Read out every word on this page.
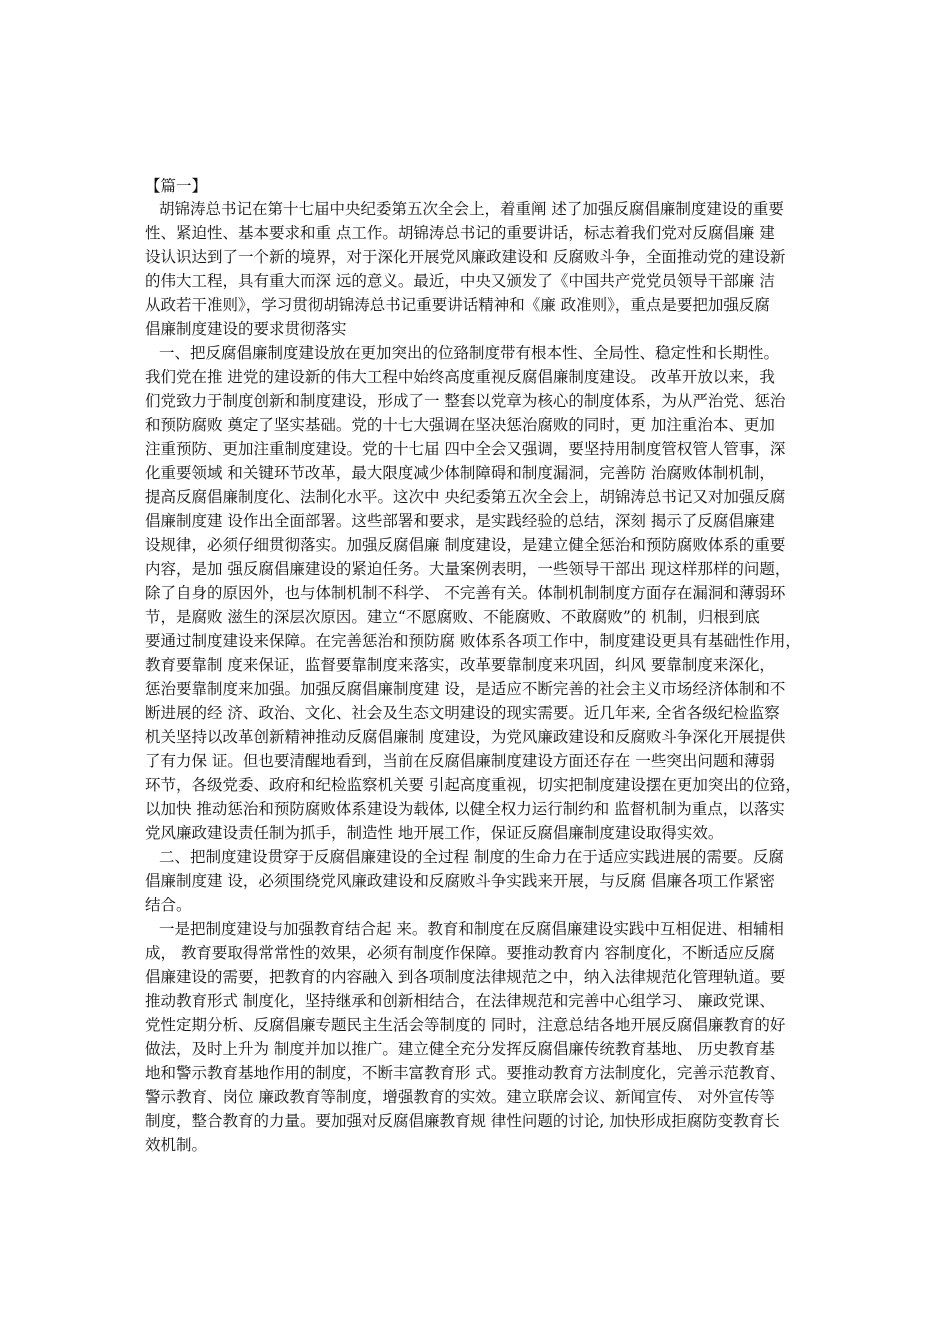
【篇一】
胡锦涛总书记在第十七届中央纪委第五次全会上，着重阐 述了加强反腐倡廉制度建设的重要
性、紧迫性、基本要求和重 点工作。胡锦涛总书记的重要讲话，标志着我们党对反腐倡廉 建
设认识达到了一个新的境界，对于深化开展党风廉政建设和 反腐败斗争，全面推动党的建设新
的伟大工程，具有重大而深 远的意义。最近，中央又颁发了《中国共产党党员领导干部廉 洁
从政若干准则》，学习贯彻胡锦涛总书记重要讲话精神和《廉 政准则》，重点是要把加强反腐
倡廉制度建设的要求贯彻落实
一、把反腐倡廉制度建设放在更加突出的位臵制度带有根本性、全局性、稳定性和长期性。
我们党在推 进党的建设新的伟大工程中始终高度重视反腐倡廉制度建设。 改革开放以来，我
们党致力于制度创新和制度建设，形成了一 整套以党章为核心的制度体系，为从严治党、惩治
和预防腐败 奠定了坚实基础。党的十七大强调在坚决惩治腐败的同时，更 加注重治本、更加
注重预防、更加注重制度建设。党的十七届 四中全会又强调，要坚持用制度管权管人管事，深
化重要领域 和关键环节改革，最大限度减少体制障碍和制度漏洞，完善防 治腐败体制机制，
提高反腐倡廉制度化、法制化水平。这次中 央纪委第五次全会上，胡锦涛总书记又对加强反腐
倡廉制度建 设作出全面部署。这些部署和要求，是实践经验的总结，深刻 揭示了反腐倡廉建
设规律，必须仔细贯彻落实。加强反腐倡廉 制度建设，是建立健全惩治和预防腐败体系的重要
内容，是加 强反腐倡廉建设的紧迫任务。大量案例表明，一些领导干部出 现这样那样的问题，
除了自身的原因外，也与体制机制不科学、 不完善有关。体制机制制度方面存在漏洞和薄弱环
节，是腐败 滋生的深层次原因。建立“不愿腐败、不能腐败、不敢腐败”的 机制，归根到底
要通过制度建设来保障。在完善惩治和预防腐 败体系各项工作中，制度建设更具有基础性作用，
教育要靠制 度来保证，监督要靠制度来落实，改革要靠制度来巩固，纠风 要靠制度来深化，
惩治要靠制度来加强。加强反腐倡廉制度建 设，是适应不断完善的社会主义市场经济体制和不
断进展的经 济、政治、文化、社会及生态文明建设的现实需要。近几年来, 全省各级纪检监察
机关坚持以改革创新精神推动反腐倡廉制 度建设，为党风廉政建设和反腐败斗争深化开展提供
了有力保 证。但也要清醒地看到，当前在反腐倡廉制度建设方面还存在 一些突出问题和薄弱
环节，各级党委、政府和纪检监察机关要 引起高度重视，切实把制度建设摆在更加突出的位臵，
以加快 推动惩治和预防腐败体系建设为载体, 以健全权力运行制约和 监督机制为重点，以落实
党风廉政建设责任制为抓手，制造性 地开展工作，保证反腐倡廉制度建设取得实效。
二、把制度建设贯穿于反腐倡廉建设的全过程 制度的生命力在于适应实践进展的需要。反腐
倡廉制度建 设，必须围绕党风廉政建设和反腐败斗争实践来开展，与反腐 倡廉各项工作紧密
结合。
一是把制度建设与加强教育结合起 来。教育和制度在反腐倡廉建设实践中互相促进、相辅相
成， 教育要取得常常性的效果，必须有制度作保障。要推动教育内 容制度化，不断适应反腐
倡廉建设的需要，把教育的内容融入 到各项制度法律规范之中，纳入法律规范化管理轨道。要
推动教育形式 制度化，坚持继承和创新相结合，在法律规范和完善中心组学习、 廉政党课、
党性定期分析、反腐倡廉专题民主生活会等制度的 同时，注意总结各地开展反腐倡廉教育的好
做法，及时上升为 制度并加以推广。建立健全充分发挥反腐倡廉传统教育基地、 历史教育基
地和警示教育基地作用的制度，不断丰富教育形 式。要推动教育方法制度化，完善示范教育、
警示教育、岗位 廉政教育等制度，增强教育的实效。建立联席会议、新闻宣传、 对外宣传等
制度，整合教育的力量。要加强对反腐倡廉教育规 律性问题的讨论, 加快形成拒腐防变教育长
效机制。
